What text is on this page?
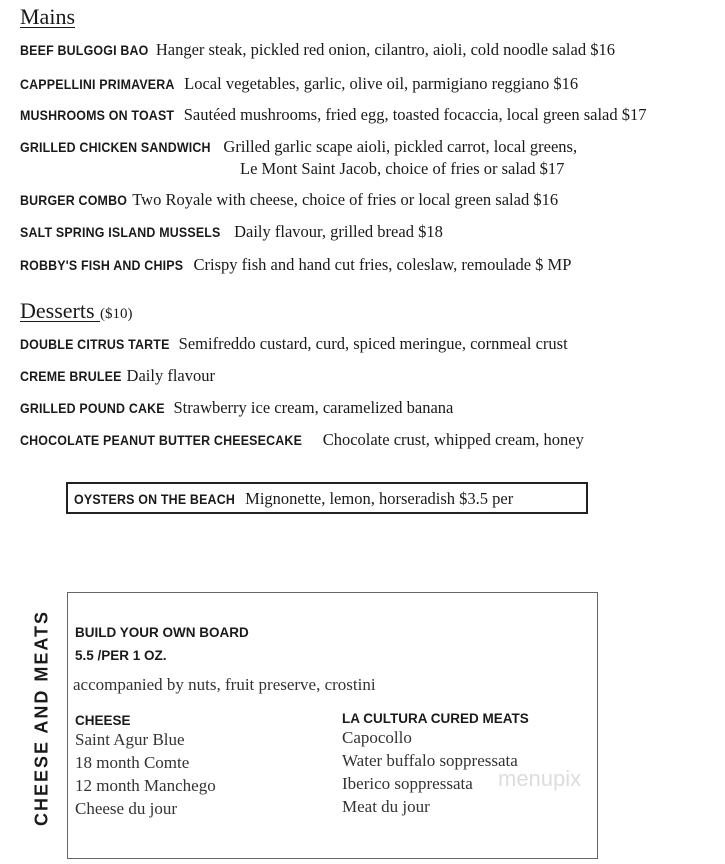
Mains
BEEF BULGOGI BAO Hanger steak, pickled red onion, cilantro, aioli, cold noodle salad $16
CAPPELLINI PRIMAVERA Local vegetables, garlic, olive oil, parmigiano reggiano $16
MUSHROOMS ON TOAST Sautéed mushrooms, fried egg, toasted focaccia, local green salad $17
GRILLED CHICKEN SANDWICH Grilled garlic scape aioli, pickled carrot, local greens,
Le Mont Saint Jacob, choice of fries or salad $17
BURGER COMBO Two Royale with cheese, choice of fries or local green salad $16
SALT SPRING ISLAND MUSSELS Daily flavour, grilled bread $18
ROBBY'S FISH AND CHIPS Crispy fish and hand cut fries, coleslaw, remoulade $ MP
Desserts ($10)
DOUBLE CITRUS TARTE Semifreddo custard, curd, spiced meringue, cornmeal crust
CREME BRULEE Daily flavour
GRILLED POUND CAKE Strawberry ice cream, caramelized banana
CHOCOLATE PEANUT BUTTER CHEESECAKE Chocolate crust, whipped cream, honey
OYSTERS ON THE BEACH Mignonette, lemon, horseradish $3.5 per
CHEESE AND MEATS BUILD YOUR OWN BOARD
5.5 /PER 1 OZ.
accompanied by nuts, fruit preserve, crostini
CHEESE
Saint Agur Blue
18 month Comte
12 month Manchego
Cheese du jour
LA CULTURA CURED MEATS
Capocollo
Water buffalo soppressata
Iberico soppressata
Meat du jour
menupix
